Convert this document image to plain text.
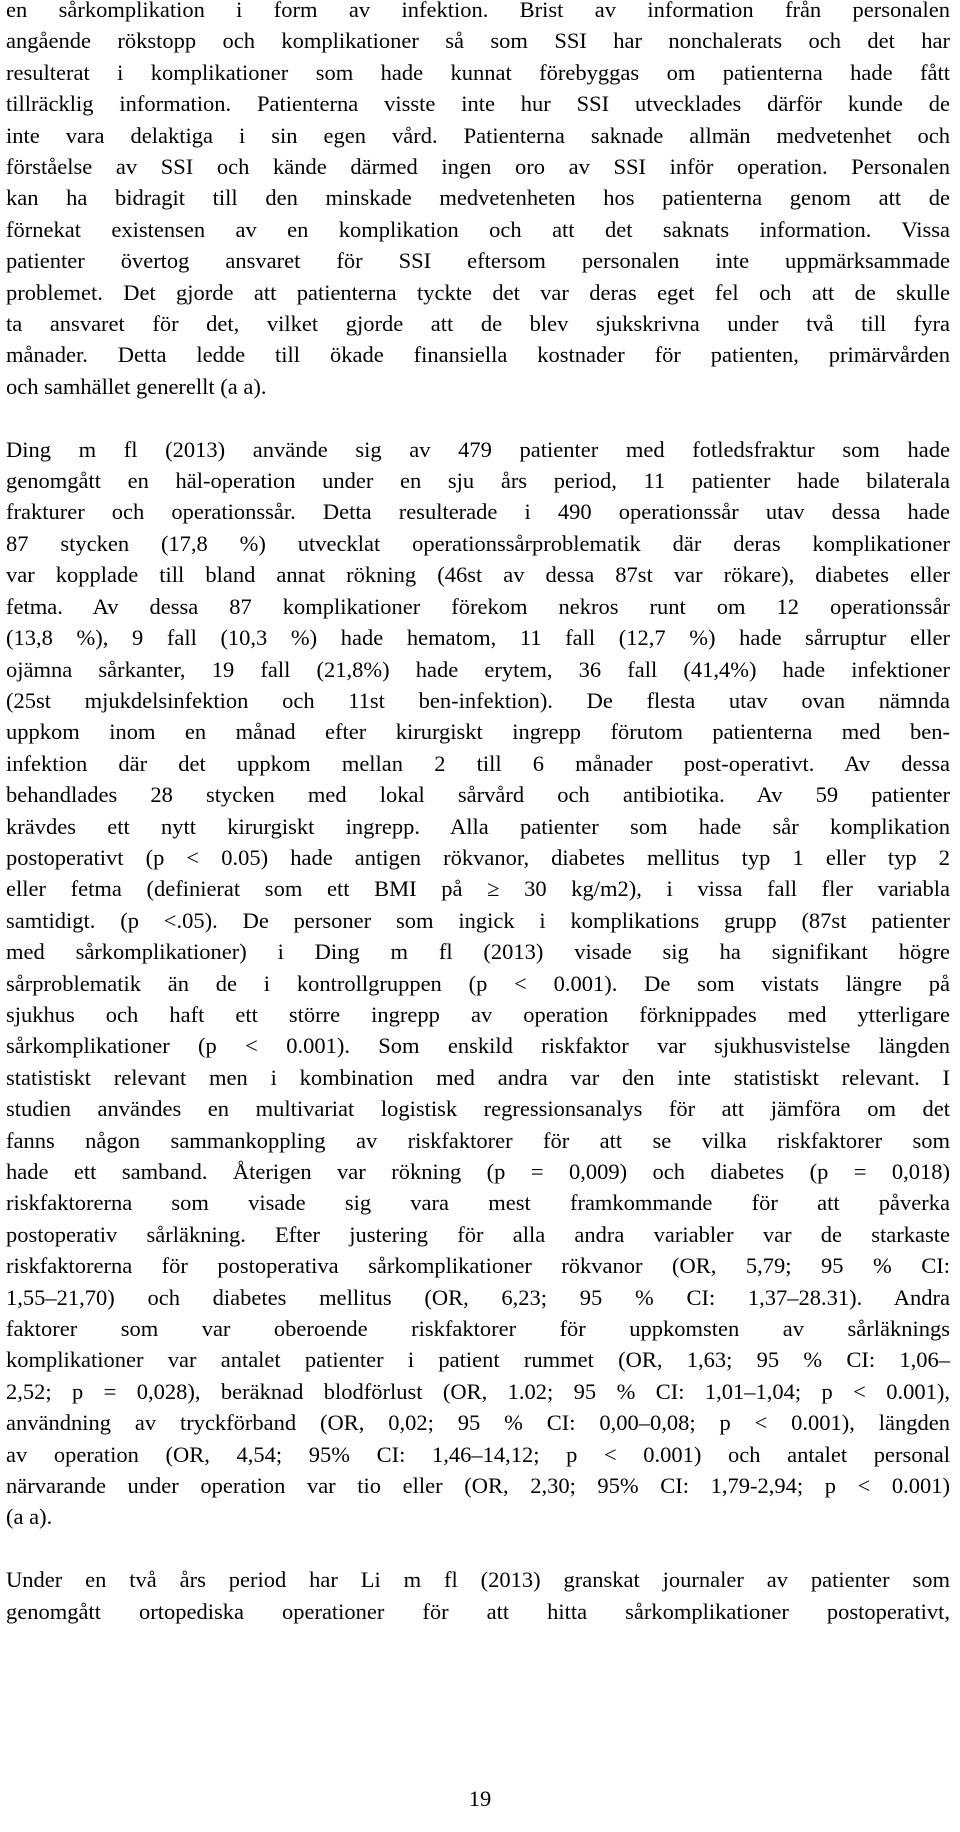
en sårkomplikation i form av infektion. Brist av information från personalen
angående rökstopp och komplikationer så som SSI har nonchalerats och det har
resulterat i komplikationer som hade kunnat förebyggas om patienterna hade fått
tillräcklig information. Patienterna visste inte hur SSI utvecklades därför kunde de
inte vara delaktiga i sin egen vård. Patienterna saknade allmän medvetenhet och
förståelse av SSI och kände därmed ingen oro av SSI inför operation. Personalen
kan ha bidragit till den minskade medvetenheten hos patienterna genom att de
förnekat existensen av en komplikation och att det saknats information. Vissa
patienter övertog ansvaret för SSI eftersom personalen inte uppmärksammade
problemet. Det gjorde att patienterna tyckte det var deras eget fel och att de skulle
ta ansvaret för det, vilket gjorde att de blev sjukskrivna under två till fyra
månader. Detta ledde till ökade finansiella kostnader för patienten, primärvården
och samhället generellt (a a).

Ding m fl (2013) använde sig av 479 patienter med fotledsfraktur som hade
genomgått en häl-operation under en sju års period, 11 patienter hade bilaterala
frakturer och operationssår. Detta resulterade i 490 operationssår utav dessa hade
87 stycken (17,8 %) utvecklat operationssårproblematik där deras komplikationer
var kopplade till bland annat rökning (46st av dessa 87st var rökare), diabetes eller
fetma. Av dessa 87 komplikationer förekom nekros runt om 12 operationssår
(13,8 %), 9 fall (10,3 %) hade hematom, 11 fall (12,7 %) hade sårruptur eller
ojämna sårkanter, 19 fall (21,8%) hade erytem, 36 fall (41,4%) hade infektioner
(25st mjukdelsinfektion och 11st ben-infektion). De flesta utav ovan nämnda
uppkom inom en månad efter kirurgiskt ingrepp förutom patienterna med ben-
infektion där det uppkom mellan 2 till 6 månader post-operativt. Av dessa
behandlades 28 stycken med lokal sårvård och antibiotika. Av 59 patienter
krävdes ett nytt kirurgiskt ingrepp. Alla patienter som hade sår komplikation
postoperativt (p < 0.05) hade antigen rökvanor, diabetes mellitus typ 1 eller typ 2
eller fetma (definierat som ett BMI på ≥ 30 kg/m2), i vissa fall fler variabla
samtidigt. (p <.05). De personer som ingick i komplikations grupp (87st patienter
med sårkomplikationer) i Ding m fl (2013) visade sig ha signifikant högre
sårproblematik än de i kontrollgruppen (p < 0.001). De som vistats längre på
sjukhus och haft ett större ingrepp av operation förknippades med ytterligare
sårkomplikationer (p < 0.001). Som enskild riskfaktor var sjukhusvistelse längden
statistiskt relevant men i kombination med andra var den inte statistiskt relevant. I
studien användes en multivariat logistisk regressionsanalys för att jämföra om det
fanns någon sammankoppling av riskfaktorer för att se vilka riskfaktorer som
hade ett samband. Återigen var rökning (p = 0,009) och diabetes (p = 0,018)
riskfaktorerna som visade sig vara mest framkommande för att påverka
postoperativ sårläkning. Efter justering för alla andra variabler var de starkaste
riskfaktorerna för postoperativa sårkomplikationer rökvanor (OR, 5,79; 95 % CI:
1,55–21,70) och diabetes mellitus (OR, 6,23; 95 % CI: 1,37–28.31). Andra
faktorer som var oberoende riskfaktorer för uppkomsten av sårläknings
komplikationer var antalet patienter i patient rummet (OR, 1,63; 95 % CI: 1,06–
2,52; p = 0,028), beräknad blodförlust (OR, 1.02; 95 % CI: 1,01–1,04; p < 0.001),
användning av tryckförband (OR, 0,02; 95 % CI: 0,00–0,08; p < 0.001), längden
av operation (OR, 4,54; 95% CI: 1,46–14,12; p < 0.001) och antalet personal
närvarande under operation var tio eller (OR, 2,30; 95% CI: 1,79-2,94; p < 0.001)
(a a).

Under en två års period har Li m fl (2013) granskat journaler av patienter som
genomgått ortopediska operationer för att hitta sårkomplikationer postoperativt,

19
